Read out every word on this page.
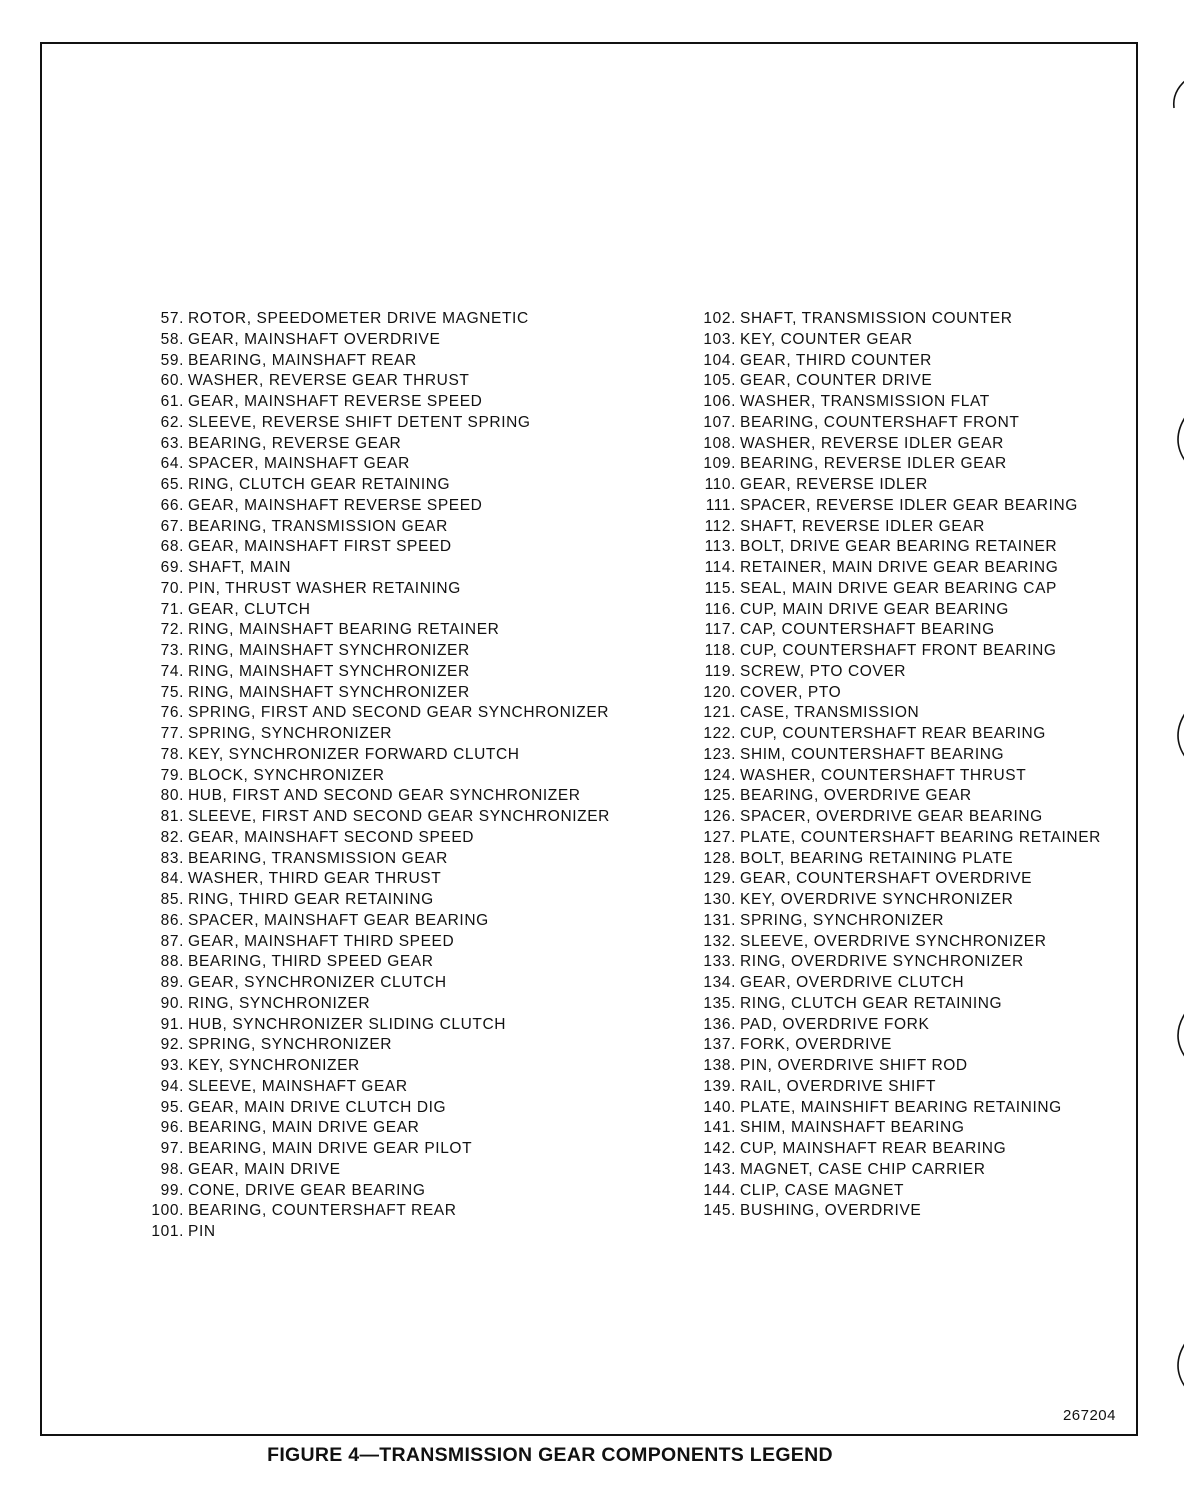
57. ROTOR, SPEEDOMETER DRIVE MAGNETIC
58. GEAR, MAINSHAFT OVERDRIVE
59. BEARING, MAINSHAFT REAR
60. WASHER, REVERSE GEAR THRUST
61. GEAR, MAINSHAFT REVERSE SPEED
62. SLEEVE, REVERSE SHIFT DETENT SPRING
63. BEARING, REVERSE GEAR
64. SPACER, MAINSHAFT GEAR
65. RING, CLUTCH GEAR RETAINING
66. GEAR, MAINSHAFT REVERSE SPEED
67. BEARING, TRANSMISSION GEAR
68. GEAR, MAINSHAFT FIRST SPEED
69. SHAFT, MAIN
70. PIN, THRUST WASHER RETAINING
71. GEAR, CLUTCH
72. RING, MAINSHAFT BEARING RETAINER
73. RING, MAINSHAFT SYNCHRONIZER
74. RING, MAINSHAFT SYNCHRONIZER
75. RING, MAINSHAFT SYNCHRONIZER
76. SPRING, FIRST AND SECOND GEAR SYNCHRONIZER
77. SPRING, SYNCHRONIZER
78. KEY, SYNCHRONIZER FORWARD CLUTCH
79. BLOCK, SYNCHRONIZER
80. HUB, FIRST AND SECOND GEAR SYNCHRONIZER
81. SLEEVE, FIRST AND SECOND GEAR SYNCHRONIZER
82. GEAR, MAINSHAFT SECOND SPEED
83. BEARING, TRANSMISSION GEAR
84. WASHER, THIRD GEAR THRUST
85. RING, THIRD GEAR RETAINING
86. SPACER, MAINSHAFT GEAR BEARING
87. GEAR, MAINSHAFT THIRD SPEED
88. BEARING, THIRD SPEED GEAR
89. GEAR, SYNCHRONIZER CLUTCH
90. RING, SYNCHRONIZER
91. HUB, SYNCHRONIZER SLIDING CLUTCH
92. SPRING, SYNCHRONIZER
93. KEY, SYNCHRONIZER
94. SLEEVE, MAINSHAFT GEAR
95. GEAR, MAIN DRIVE CLUTCH DIG
96. BEARING, MAIN DRIVE GEAR
97. BEARING, MAIN DRIVE GEAR PILOT
98. GEAR, MAIN DRIVE
99. CONE, DRIVE GEAR BEARING
100. BEARING, COUNTERSHAFT REAR
101. PIN
102. SHAFT, TRANSMISSION COUNTER
103. KEY, COUNTER GEAR
104. GEAR, THIRD COUNTER
105. GEAR, COUNTER DRIVE
106. WASHER, TRANSMISSION FLAT
107. BEARING, COUNTERSHAFT FRONT
108. WASHER, REVERSE IDLER GEAR
109. BEARING, REVERSE IDLER GEAR
110. GEAR, REVERSE IDLER
111. SPACER, REVERSE IDLER GEAR BEARING
112. SHAFT, REVERSE IDLER GEAR
113. BOLT, DRIVE GEAR BEARING RETAINER
114. RETAINER, MAIN DRIVE GEAR BEARING
115. SEAL, MAIN DRIVE GEAR BEARING CAP
116. CUP, MAIN DRIVE GEAR BEARING
117. CAP, COUNTERSHAFT BEARING
118. CUP, COUNTERSHAFT FRONT BEARING
119. SCREW, PTO COVER
120. COVER, PTO
121. CASE, TRANSMISSION
122. CUP, COUNTERSHAFT REAR BEARING
123. SHIM, COUNTERSHAFT BEARING
124. WASHER, COUNTERSHAFT THRUST
125. BEARING, OVERDRIVE GEAR
126. SPACER, OVERDRIVE GEAR BEARING
127. PLATE, COUNTERSHAFT BEARING RETAINER
128. BOLT, BEARING RETAINING PLATE
129. GEAR, COUNTERSHAFT OVERDRIVE
130. KEY, OVERDRIVE SYNCHRONIZER
131. SPRING, SYNCHRONIZER
132. SLEEVE, OVERDRIVE SYNCHRONIZER
133. RING, OVERDRIVE SYNCHRONIZER
134. GEAR, OVERDRIVE CLUTCH
135. RING, CLUTCH GEAR RETAINING
136. PAD, OVERDRIVE FORK
137. FORK, OVERDRIVE
138. PIN, OVERDRIVE SHIFT ROD
139. RAIL, OVERDRIVE SHIFT
140. PLATE, MAINSHIFT BEARING RETAINING
141. SHIM, MAINSHAFT BEARING
142. CUP, MAINSHAFT REAR BEARING
143. MAGNET, CASE CHIP CARRIER
144. CLIP, CASE MAGNET
145. BUSHING, OVERDRIVE
267204
FIGURE 4—TRANSMISSION GEAR COMPONENTS LEGEND
